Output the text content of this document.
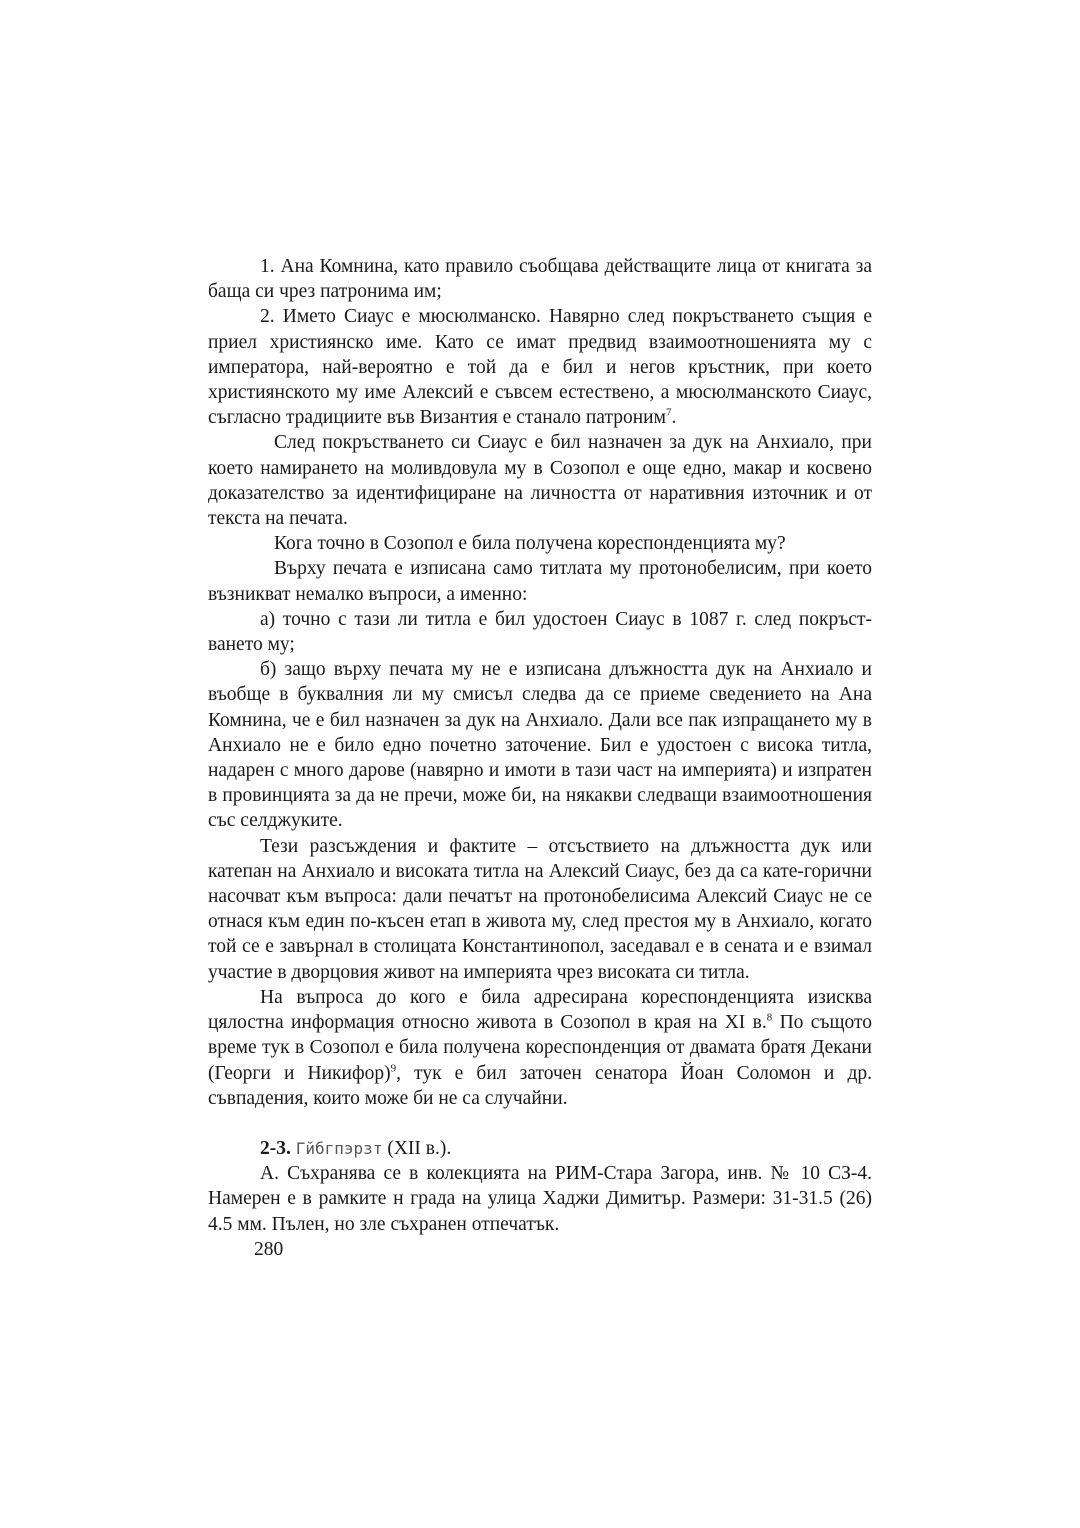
1. Ана Комнина, като правило съобщава действащите лица от книгата за баща си чрез патронима им;

2. Името Сиаус е мюсюлманско. Навярно след покръстването същия е приел християнско име. Като се имат предвид взаимоотношенията му с императора, най-вероятно е той да е бил и негов кръстник, при което християнското му име Алексий е съвсем естествено, а мюсюлманското Сиаус, съгласно традициите във Византия е станало патроним$^7$.

След покръстването си Сиаус е бил назначен за дук на Анхиало, при което намирането на моливдовула му в Созопол е още едно, макар и косвено доказателство за идентифициране на личността от наративния източник и от текста на печата.

Кога точно в Созопол е била получена кореспонденцията му?

Върху печата е изписана само титлата му протонобелисим, при което възникват немалко въпроси, а именно:

а) точно с тази ли титла е бил удостоен Сиаус в 1087 г. след покръст-ването му;

б) защо върху печата му не е изписана длъжността дук на Анхиало и въобще в буквалния ли му смисъл следва да се приеме сведението на Ана Комнина, че е бил назначен за дук на Анхиало. Дали все пак изпращането му в Анхиало не е било едно почетно заточение. Бил е удостоен с висока титла, надарен с много дарове (навярно и имоти в тази част на империята) и изпратен в провинцията за да не пречи, може би, на някакви следващи взаимоотношения със селджуките.

Тези разсъждения и фактите – отсъствието на длъжността дук или катепан на Анхиало и високата титла на Алексий Сиаус, без да са кате-горични насочват към въпроса: дали печатът на протонобелисима Алексий Сиаус не се отнася към един по-късен етап в живота му, след престоя му в Анхиало, когато той се е завърнал в столицата Константинопол, заседавал е в сената и е взимал участие в дворцовия живот на империята чрез високата си титла.

На въпроса до кого е била адресирана кореспонденцията изисква цялостна информация относно живота в Созопол в края на XI в.$^8$ По същото време тук в Созопол е била получена кореспонденция от двамата братя Декани (Георги и Никифор)$^9$, тук е бил заточен сенатора Йоан Соломон и др. съвпадения, които може би не са случайни.

2-3. Гйбгпэрзт (XII в.).

А. Съхранява се в колекцията на РИМ-Стара Загора, инв. № 10 СЗ-4. Намерен е в рамките н града на улица Хаджи Димитър. Размери: 31-31.5 (26) 4.5 мм. Пълен, но зле съхранен отпечатък.

280
